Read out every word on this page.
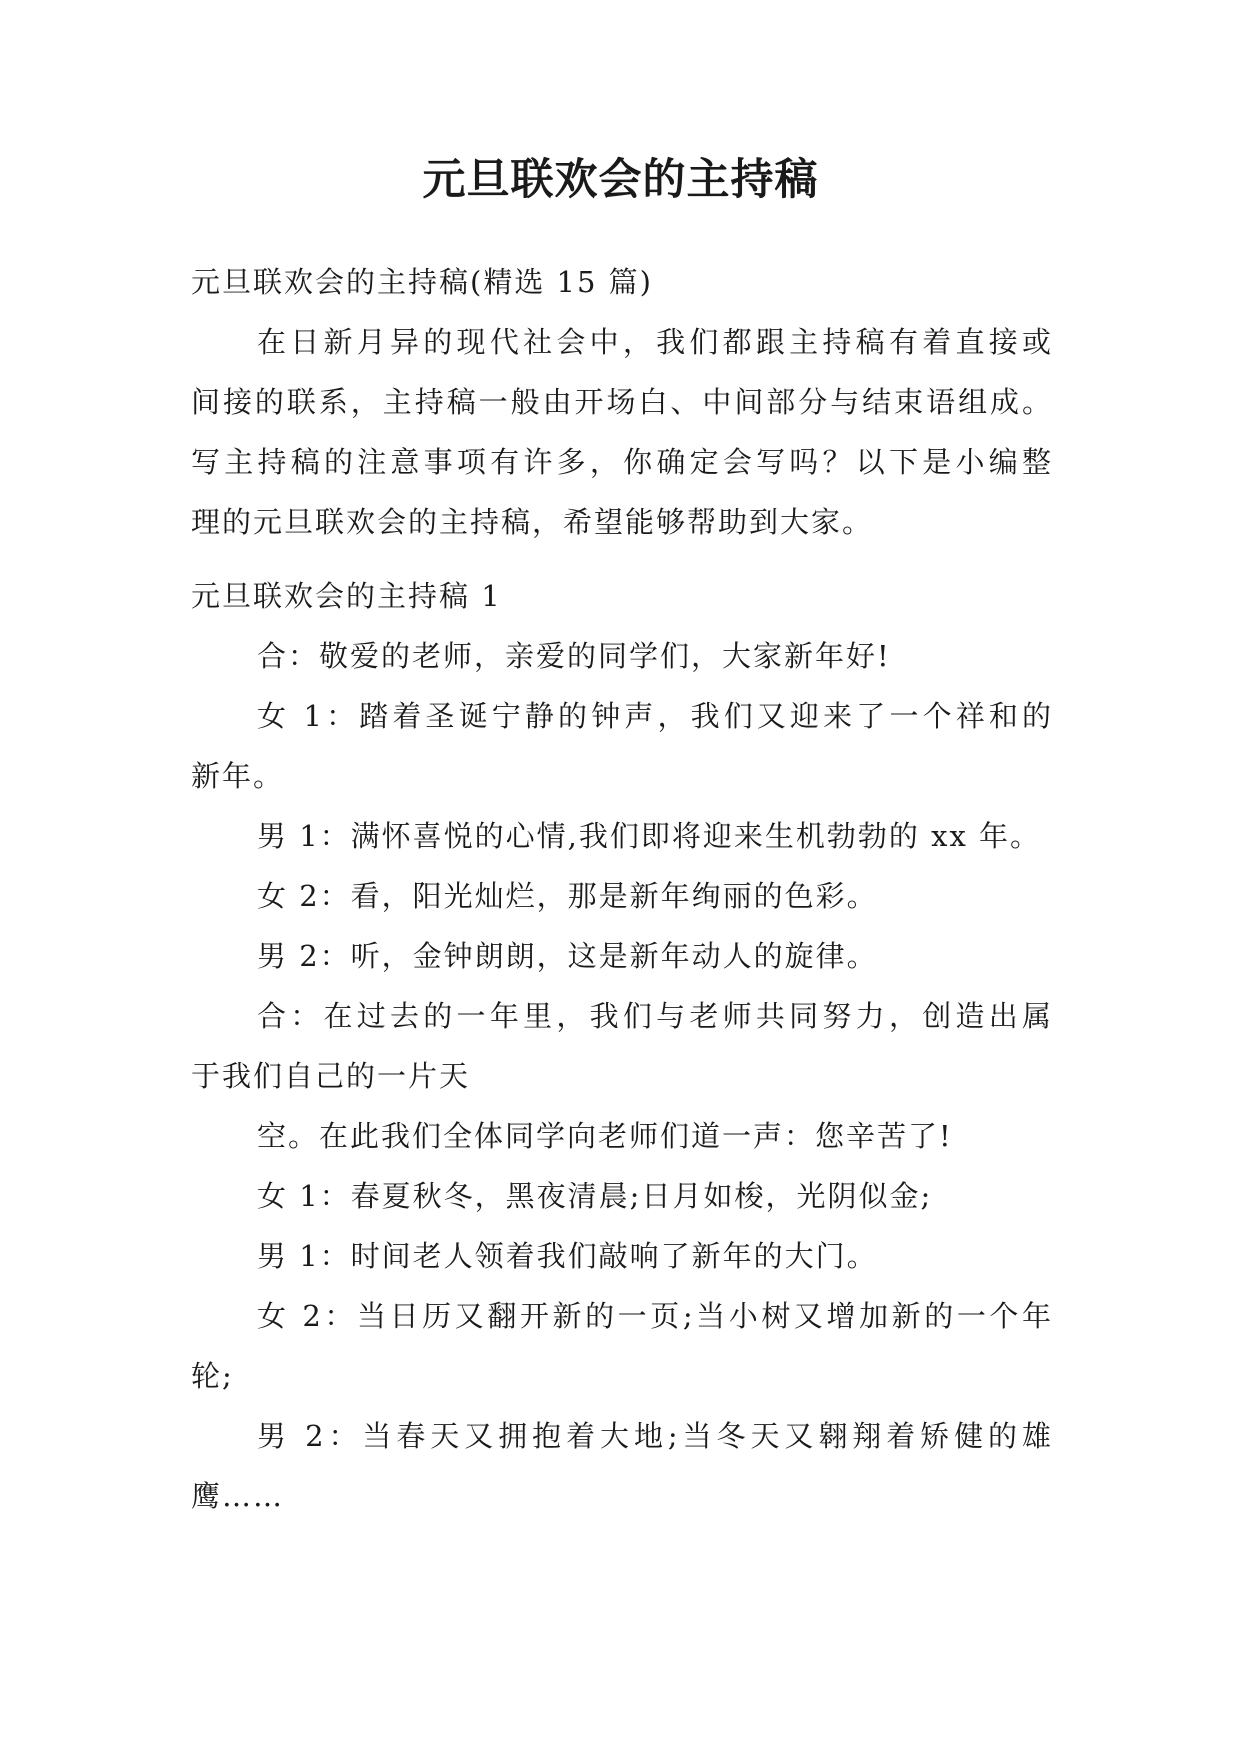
元旦联欢会的主持稿
元旦联欢会的主持稿(精选 15 篇)
在日新月异的现代社会中，我们都跟主持稿有着直接或
间接的联系，主持稿一般由开场白、中间部分与结束语组成。
写主持稿的注意事项有许多，你确定会写吗？以下是小编整
理的元旦联欢会的主持稿，希望能够帮助到大家。
元旦联欢会的主持稿 1
合：敬爱的老师，亲爱的同学们，大家新年好!
女 1：踏着圣诞宁静的钟声，我们又迎来了一个祥和的
新年。
男 1：满怀喜悦的心情,我们即将迎来生机勃勃的 xx 年。
女 2：看，阳光灿烂，那是新年绚丽的色彩。
男 2：听，金钟朗朗，这是新年动人的旋律。
合：在过去的一年里，我们与老师共同努力，创造出属
于我们自己的一片天
空。在此我们全体同学向老师们道一声：您辛苦了!
女 1：春夏秋冬，黑夜清晨;日月如梭，光阴似金;
男 1：时间老人领着我们敲响了新年的大门。
女 2：当日历又翻开新的一页;当小树又增加新的一个年
轮;
男 2：当春天又拥抱着大地;当冬天又翱翔着矫健的雄
鹰……
